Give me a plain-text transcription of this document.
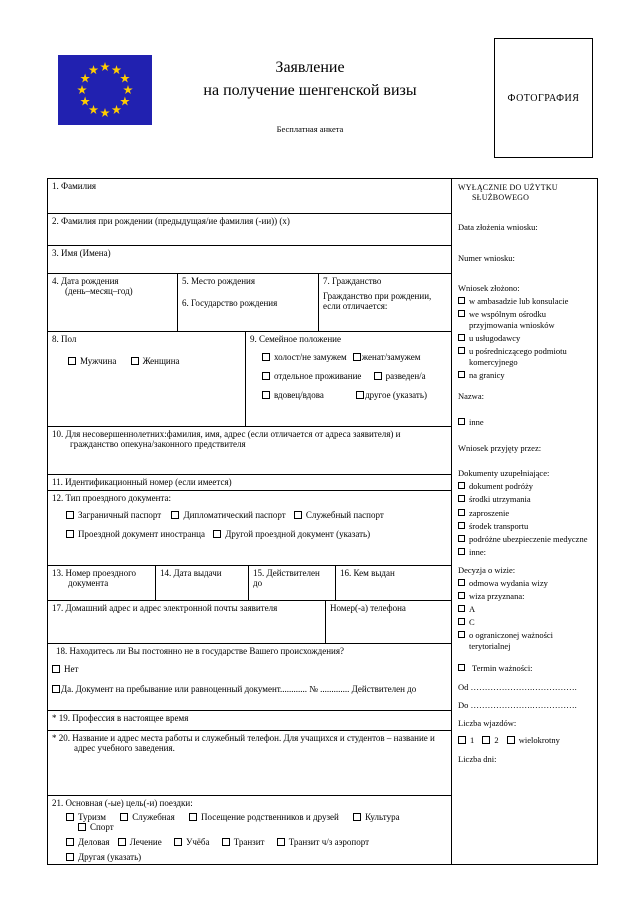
Заявление
на получение шенгенской визы
Бесплатная анкета
ФОТОГРАФИЯ
1. Фамилия
2. Фамилия при рождении (предыдущая/ие фамилия (-ии)) (х)
3. Имя (Имена)
4. Дата рождения
(день–месяц–год)
5. Место рождения
6. Государство рождения
7. Гражданство
Гражданство при рождении, если отличается:
8. Пол
Мужчина	Женщина
9. Семейное положение
холост/не замужем женат/замужем
отдельное проживание	разведен/а
вдовец/вдова	другое (указать)
10. Для несовершеннолетних:фамилия, имя, адрес (если отличается от адреса заявителя) и гражданство опекуна/законного предствителя
11. Идентификационный номер (если имеется)
12. Тип проездного документа:
Заграничный паспорт Дипломатический паспорт Служебный паспорт
Проездной документ иностранца Другой проездной документ (указать)
13. Номер проездного документа
14. Дата выдачи	15. Действителен до
16. Кем выдан
17. Домашний адрес и адрес электронной почты заявителя	Номер(-а) телефона
18. Находитесь ли Вы постоянно не в государстве Вашего происхождения?
Нет
Да. Документ на пребывание или равноценный документ............ № ............. Действителен до
* 19. Профессия в настоящее время
* 20. Название и адрес места работы и служебный телефон. Для учащихся и студентов – название и адрес учебного заведения.
21. Основная (-ые) цель(-и) поездки:
Туризм	Служебная	Посещение родственников и друзей	Культура Спорт
Деловая Лечение	Учёба	Транзит	Транзит ч/з аэропорт
Другая (указать)
WYŁĄCZNIE DO UŻYTKU
SŁUŻBOWEGO
Data złożenia wniosku:
Numer wniosku:
Wniosek złożono:
w ambasadzie lub konsulacie
we wspólnym ośrodku przyjmowania wniosków
u usługodawcy
u pośredniczącego podmiotu komercyjnego
na granicy
Nazwa:
inne
Wniosek przyjęty przez:
Dokumenty uzupełniające:
dokument podróży
środki utrzymania
zaproszenie
środek transportu
podróżne ubezpieczenie medyczne
inne:
Decyzja o wizie:
odmowa wydania wizy
wiza przyznana:
A
C
o ograniczonej ważności terytorialnej
Termin ważności:
Od ………………….…………….
Do ………………….…………….
Liczba wjazdów:
1 2 wielokrotny
Liczba dni:
